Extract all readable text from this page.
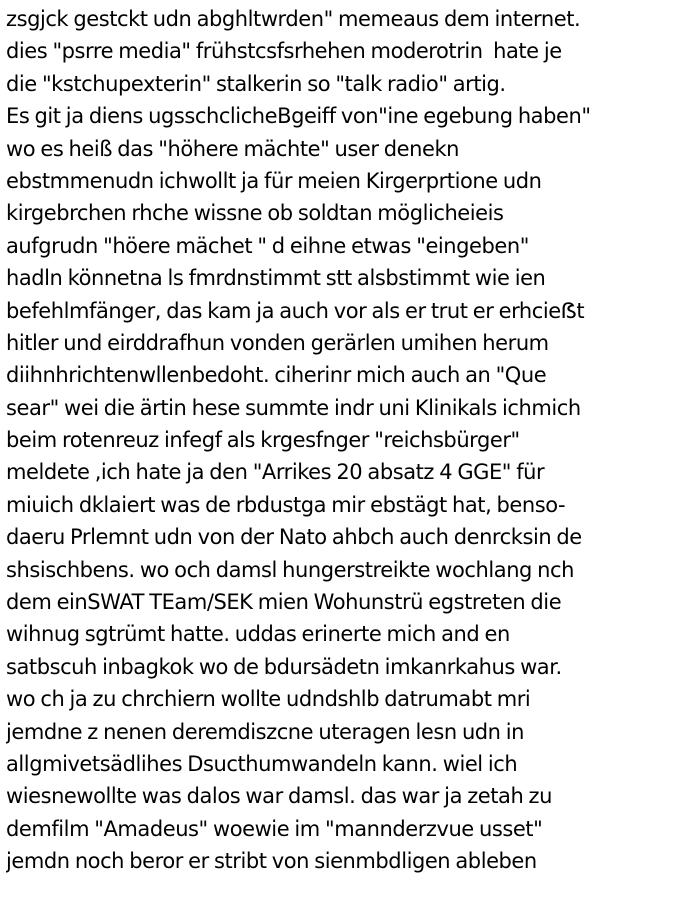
zsgjck gestckt udn abghltwrden" memeaus dem internet.
dies "psrre media" frühstcsfsrhehen moderotrin  hate je
die "kstchupexterin" stalkerin so "talk radio" artig.
Es git ja diens ugsschclicheBgeiff von"ine egebung haben"
wo es heiß das "höhere mächte" user denekn
ebstmmenudn ichwollt ja für meien Kirgerprtione udn
kirgebrchen rhche wissne ob soldtan möglicheieis
aufgrudn "höere mächet " d eihne etwas "eingeben"
hadln könnetna ls fmrdnstimmt stt alsbstimmt wie ien
befehlmfänger, das kam ja auch vor als er trut er erhcieẞt
hitler und eirddrafhun vonden gerärlen umihen herum
diihnhrichtenwllenbedoht. ciherinr mich auch an "Que
sear" wei die ärtin hese summte indr uni Klinikals ichmich
beim rotenreuz infegf als krgesfnger "reichsbürger"
meldete ,ich hate ja den "Arrikes 20 absatz 4 GGE" für
miuich dklaiert was de rbdustga mir ebstägt hat, benso-
daeru Prlemnt udn von der Nato ahbch auch denrcksin de
shsischbens. wo och damsl hungerstreikte wochlang nch
dem einSWAT TEam/SEK mien Wohunstrü egstreten die
wihnug sgtrümt hatte. uddas erinerte mich and en
satbscuh inbagkok wo de bdursädetn imkanrkahus war.
wo ch ja zu chrchiern wollte udndshlb datrumabt mri
jemdne z nenen deremdiszcne uteragen lesn udn in
allgmivetsädlihes Dsucthumwandeln kann. wiel ich
wiesnewollte was dalos war damsl. das war ja zetah zu
demfilm "Amadeus" woewie im "mannderzvue usset"
jemdn noch beror er stribt von sienmbdligen ableben
